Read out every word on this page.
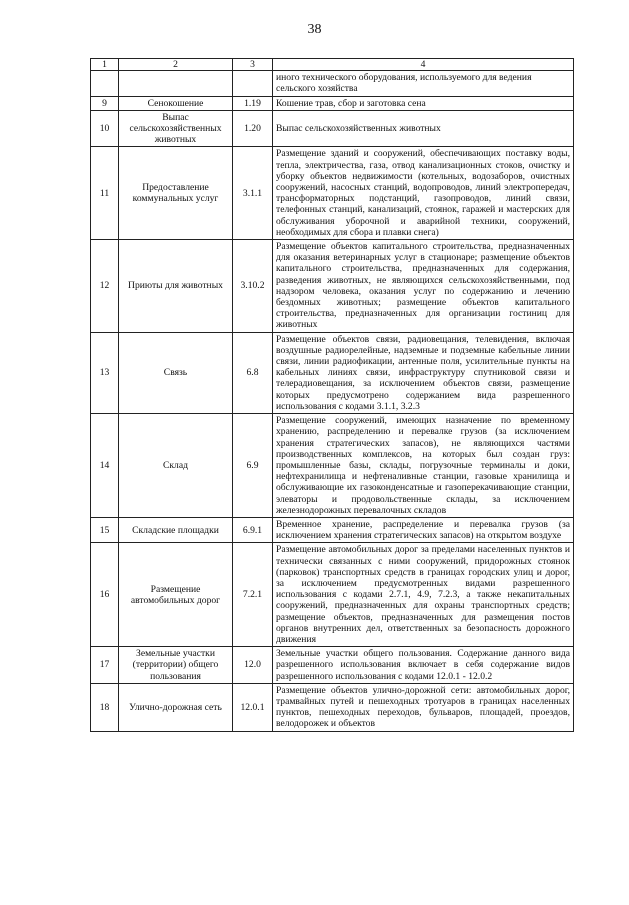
38
1	2	3	4
			иного технического оборудования, используемого для ведения
сельского хозяйства
9	Сенокошение	1.19	Кошение трав, сбор и заготовка сена
10	Выпас сельскохозяйственных животных	1.20	Выпас сельскохозяйственных животных
11	Предоставление коммунальных услуг	3.1.1	Размещение зданий и сооружений, обеспечивающих поставку воды, тепла, электричества, газа, отвод канализационных стоков, очистку и уборку объектов недвижимости (котельных, водозаборов, очистных сооружений, насосных станций, водопроводов, линий электропередач, трансформаторных подстанций, газопроводов, линий связи, телефонных станций, канализаций, стоянок, гаражей и мастерских для обслуживания уборочной и аварийной техники, сооружений, необходимых для сбора и плавки снега)
12	Приюты для животных	3.10.2	Размещение объектов капитального строительства, предназначенных для оказания ветеринарных услуг в стационаре; размещение объектов капитального строительства, предназначенных для содержания, разведения животных, не являющихся сельскохозяйственными, под надзором человека, оказания услуг по содержанию и лечению бездомных животных; размещение объектов капитального строительства, предназначенных для организации гостиниц для животных
13	Связь	6.8	Размещение объектов связи, радиовещания, телевидения, включая воздушные радиорелейные, надземные и подземные кабельные линии связи, линии радиофикации, антенные поля, усилительные пункты на кабельных линиях связи, инфраструктуру спутниковой связи и телерадиовещания, за исключением объектов связи, размещение которых предусмотрено содержанием вида разрешенного использования с кодами 3.1.1, 3.2.3
14	Склад	6.9	Размещение сооружений, имеющих назначение по временному хранению, распределению и перевалке грузов (за исключением хранения стратегических запасов), не являющихся частями производственных комплексов, на которых был создан груз: промышленные базы, склады, погрузочные терминалы и доки, нефтехранилища и нефтеналивные станции, газовые хранилища и обслуживающие их газоконденсатные и газоперекачивающие станции, элеваторы и продовольственные склады, за исключением железнодорожных перевалочных складов
15	Складские площадки	6.9.1	Временное хранение, распределение и перевалка грузов (за исключением хранения стратегических запасов) на открытом воздухе
16	Размещение автомобильных дорог	7.2.1	Размещение автомобильных дорог за пределами населенных пунктов и технически связанных с ними сооружений, придорожных стоянок (парковок) транспортных средств в границах городских улиц и дорог, за исключением предусмотренных видами разрешенного использования с кодами 2.7.1, 4.9, 7.2.3, а также некапитальных сооружений, предназначенных для охраны транспортных средств; размещение объектов, предназначенных для размещения постов органов внутренних дел, ответственных за безопасность дорожного движения
17	Земельные участки (территории) общего пользования	12.0	Земельные участки общего пользования. Содержание данного вида разрешенного использования включает в себя содержание видов разрешенного использования с кодами 12.0.1 - 12.0.2
18	Улично-дорожная сеть	12.0.1	Размещение объектов улично-дорожной сети: автомобильных дорог, трамвайных путей и пешеходных тротуаров в границах населенных пунктов, пешеходных переходов, бульваров, площадей, проездов, велодорожек и объектов
